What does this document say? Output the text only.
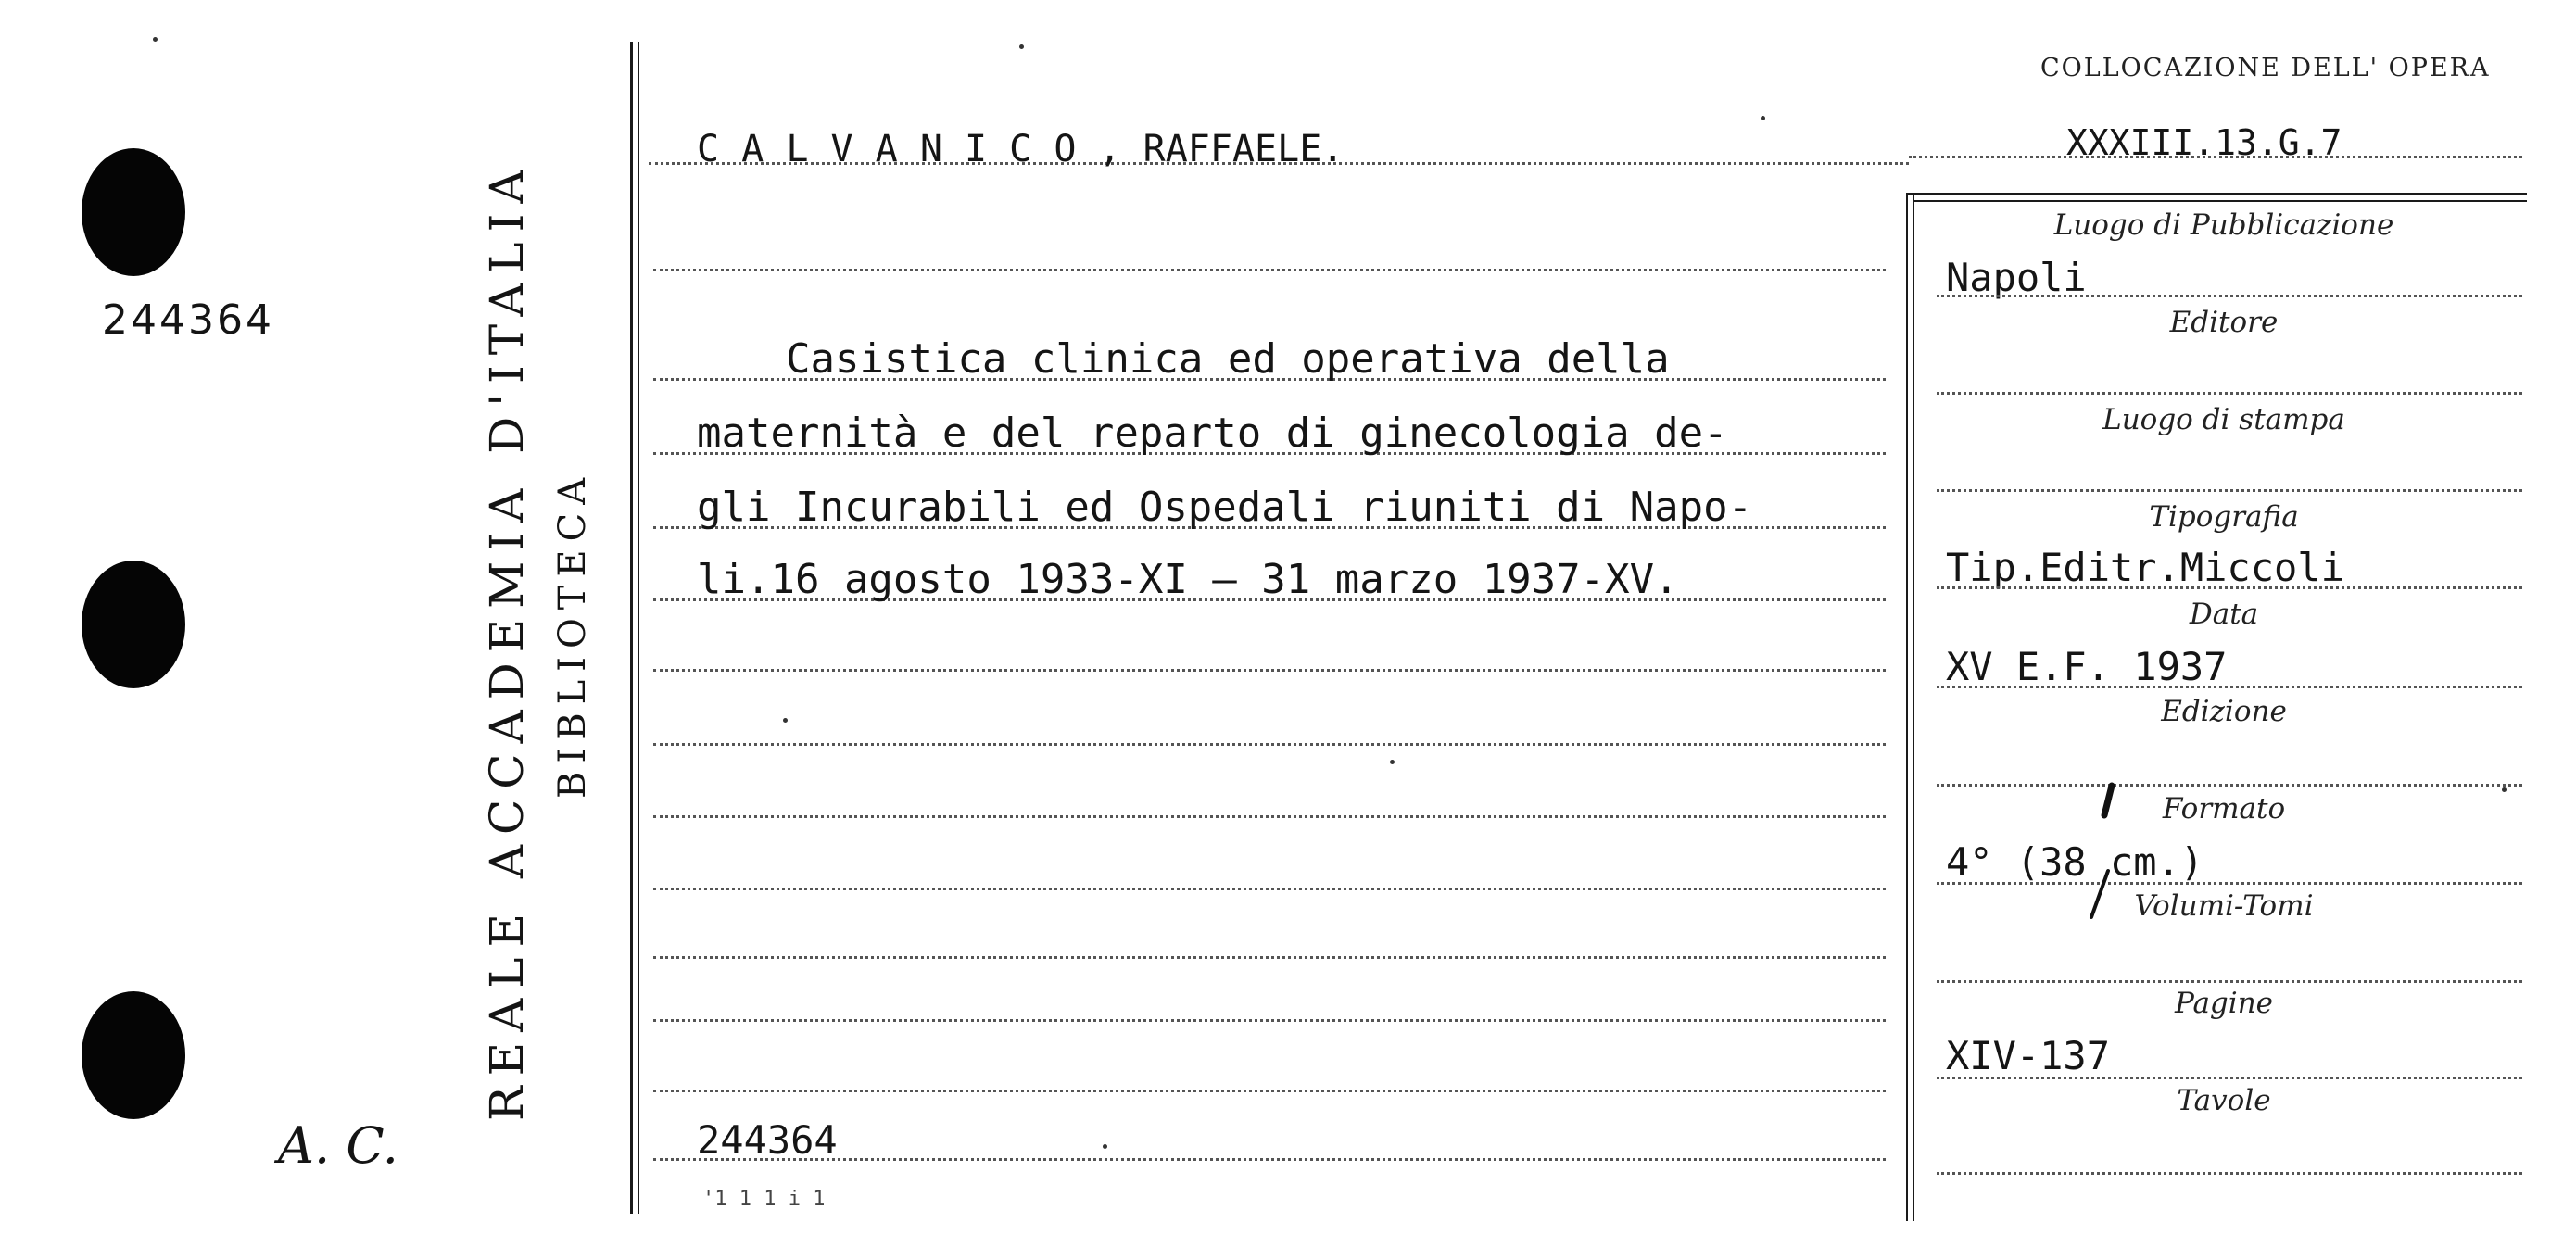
244364	REALE ACCADEMIA D'ITALIA BIBLIOTECA
A. C.
COLLOCAZIONE DELL' OPERA
XXXIII.13.G.7
C A L V A N I C O , RAFFAELE.
Casistica clinica ed operativa della
maternità e del reparto di ginecologia de-
gli Incurabili ed Ospedali riuniti di Napo-
li.16 agosto 1933-XI – 31 marzo 1937-XV.
244364
'1 1 1 i 1
Luogo di Pubblicazione
Napoli
Editore
Luogo di stampa
Tipografia
Tip.Editr.Miccoli
Data
XV E.F. 1937
Edizione
Formato
4° (38 cm.)
Volumi-Tomi
Pagine
XIV-137
Tavole
